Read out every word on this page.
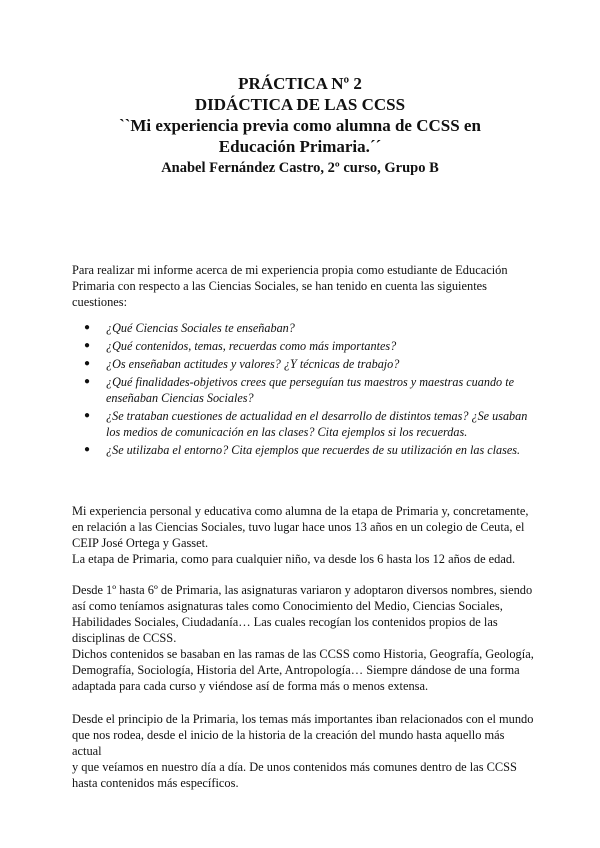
PRÁCTICA Nº 2
DIDÁCTICA DE LAS CCSS
``Mi experiencia previa como alumna de CCSS en
Educación Primaria.´´
Anabel Fernández Castro, 2º curso, Grupo B

Para realizar mi informe acerca de mi experiencia propia como estudiante de Educación

Primaria con respecto a las Ciencias Sociales, se han tenido en cuenta las siguientes

cuestiones:

● ¿Qué Ciencias Sociales te enseñaban?
● ¿Qué contenidos, temas, recuerdas como más importantes?
● ¿Os enseñaban actitudes y valores? ¿Y técnicas de trabajo?
● ¿Qué finalidades-objetivos crees que perseguían tus maestros y maestras cuando te
enseñaban Ciencias Sociales?
● ¿Se trataban cuestiones de actualidad en el desarrollo de distintos temas? ¿Se usaban
los medios de comunicación en las clases? Cita ejemplos si los recuerdas.
● ¿Se utilizaba el entorno? Cita ejemplos que recuerdes de su utilización en las clases.

Mi experiencia personal y educativa como alumna de la etapa de Primaria y, concretamente,

en relación a las Ciencias Sociales, tuvo lugar hace unos 13 años en un colegio de Ceuta, el

CEIP José Ortega y Gasset.

La etapa de Primaria, como para cualquier niño, va desde los 6 hasta los 12 años de edad.

Desde 1º hasta 6º de Primaria, las asignaturas variaron y adoptaron diversos nombres, siendo

así como teníamos asignaturas tales como Conocimiento del Medio, Ciencias Sociales,

Habilidades Sociales, Ciudadanía… Las cuales recogían los contenidos propios de las

disciplinas de CCSS.

Dichos contenidos se basaban en las ramas de las CCSS como Historia, Geografía, Geología,

Demografía, Sociología, Historia del Arte, Antropología… Siempre dándose de una forma

adaptada para cada curso y viéndose así de forma más o menos extensa.

Desde el principio de la Primaria, los temas más importantes iban relacionados con el mundo

que nos rodea, desde el inicio de la historia de la creación del mundo hasta aquello más actual

y que veíamos en nuestro día a día. De unos contenidos más comunes dentro de las CCSS

hasta contenidos más específicos.
